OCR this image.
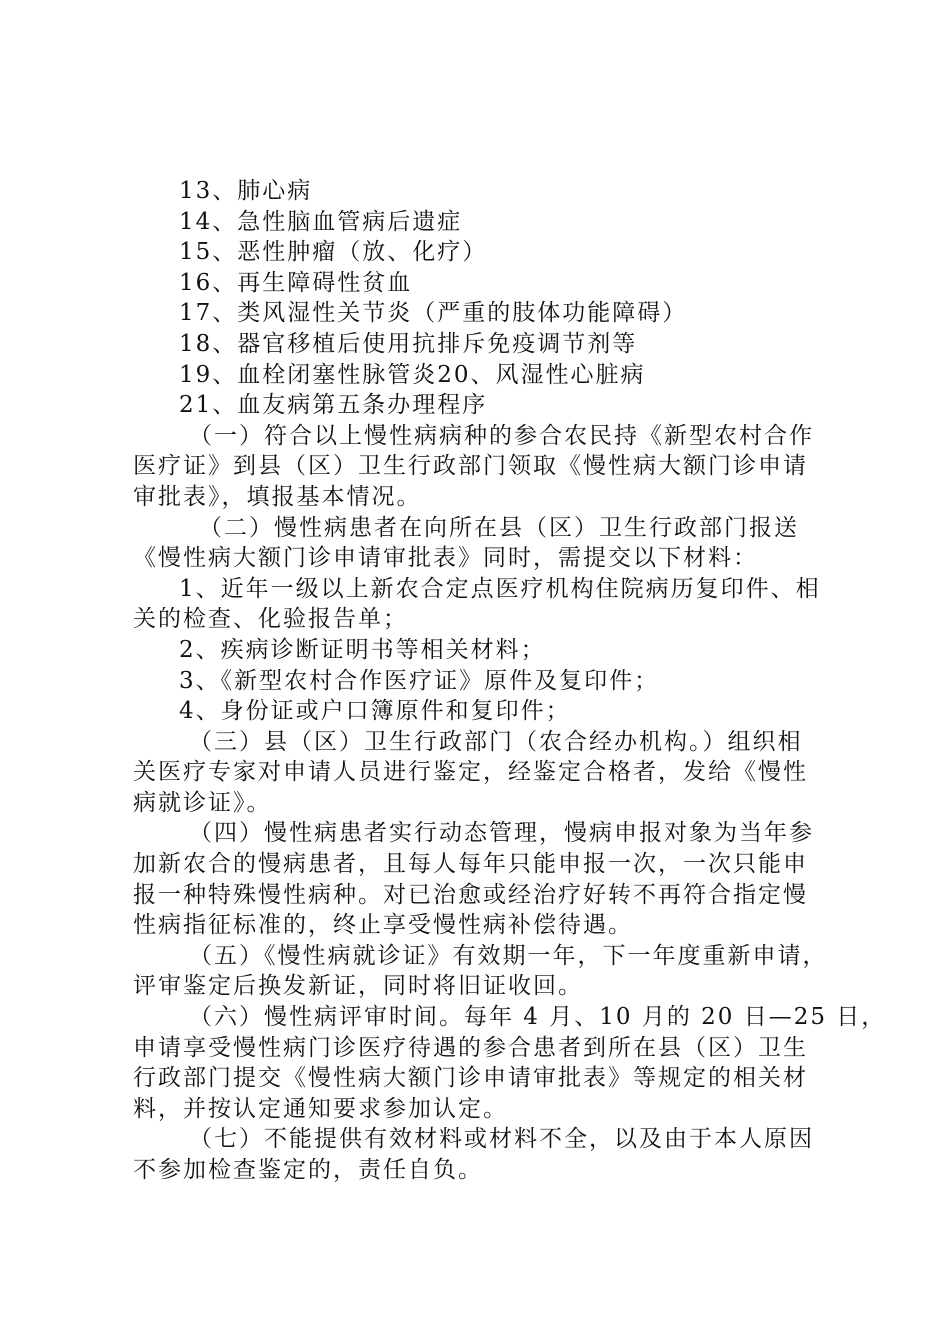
13、肺心病
14、急性脑血管病后遗症
15、恶性肿瘤（放、化疗）
16、再生障碍性贫血
17、类风湿性关节炎（严重的肢体功能障碍）
18、器官移植后使用抗排斥免疫调节剂等
19、血栓闭塞性脉管炎20、风湿性心脏病
21、血友病第五条办理程序
（一）符合以上慢性病病种的参合农民持《新型农村合作
医疗证》到县（区）卫生行政部门领取《慢性病大额门诊申请
审批表》，填报基本情况。
（二）慢性病患者在向所在县（区）卫生行政部门报送
《慢性病大额门诊申请审批表》同时，需提交以下材料：
1、近年一级以上新农合定点医疗机构住院病历复印件、相
关的检查、化验报告单；
2、疾病诊断证明书等相关材料；
3、《新型农村合作医疗证》原件及复印件；
4、身份证或户口簿原件和复印件；
（三）县（区）卫生行政部门（农合经办机构。）组织相
关医疗专家对申请人员进行鉴定，经鉴定合格者，发给《慢性
病就诊证》。
（四）慢性病患者实行动态管理，慢病申报对象为当年参
加新农合的慢病患者，且每人每年只能申报一次，一次只能申
报一种特殊慢性病种。对已治愈或经治疗好转不再符合指定慢
性病指征标准的，终止享受慢性病补偿待遇。
（五）《慢性病就诊证》有效期一年，下一年度重新申请，
评审鉴定后换发新证，同时将旧证收回。
（六）慢性病评审时间。每年 4 月、10 月的 20 日—25 日，
申请享受慢性病门诊医疗待遇的参合患者到所在县（区）卫生
行政部门提交《慢性病大额门诊申请审批表》等规定的相关材
料，并按认定通知要求参加认定。
（七）不能提供有效材料或材料不全，以及由于本人原因
不参加检查鉴定的，责任自负。
